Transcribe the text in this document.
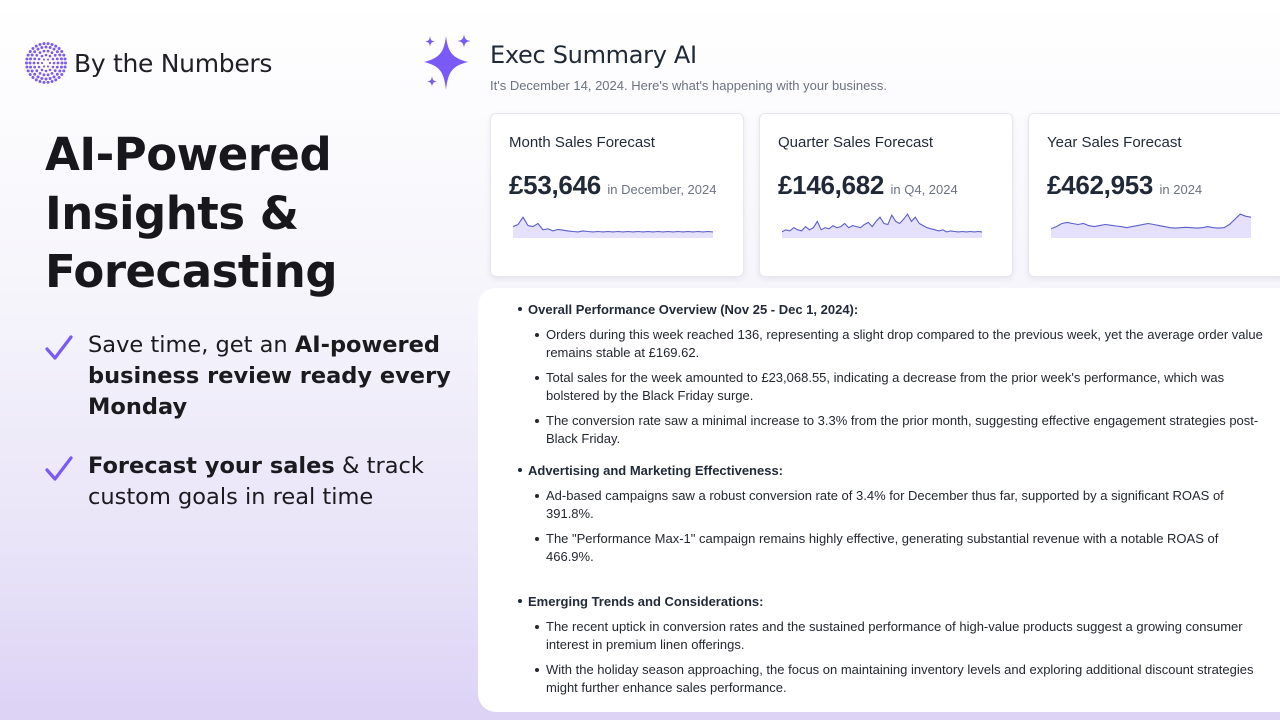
By the Numbers
AI-Powered
Insights &
Forecasting
Save time, get an AI-powered business review ready every Monday
Forecast your sales & track custom goals in real time
Exec Summary AI
It's December 14, 2024. Here's what's happening with your business.
Month Sales Forecast
£53,646 in December, 2024
Quarter Sales Forecast
£146,682 in Q4, 2024
Year Sales Forecast
£462,953 in 2024
Overall Performance Overview (Nov 25 - Dec 1, 2024):
Orders during this week reached 136, representing a slight drop compared to the previous week, yet the average order value remains stable at £169.62.
Total sales for the week amounted to £23,068.55, indicating a decrease from the prior week's performance, which was bolstered by the Black Friday surge.
The conversion rate saw a minimal increase to 3.3% from the prior month, suggesting effective engagement strategies post-Black Friday.
Advertising and Marketing Effectiveness:
Ad-based campaigns saw a robust conversion rate of 3.4% for December thus far, supported by a significant ROAS of 391.8%.
The "Performance Max-1" campaign remains highly effective, generating substantial revenue with a notable ROAS of 466.9%.
Emerging Trends and Considerations:
The recent uptick in conversion rates and the sustained performance of high-value products suggest a growing consumer interest in premium linen offerings.
With the holiday season approaching, the focus on maintaining inventory levels and exploring additional discount strategies might further enhance sales performance.
